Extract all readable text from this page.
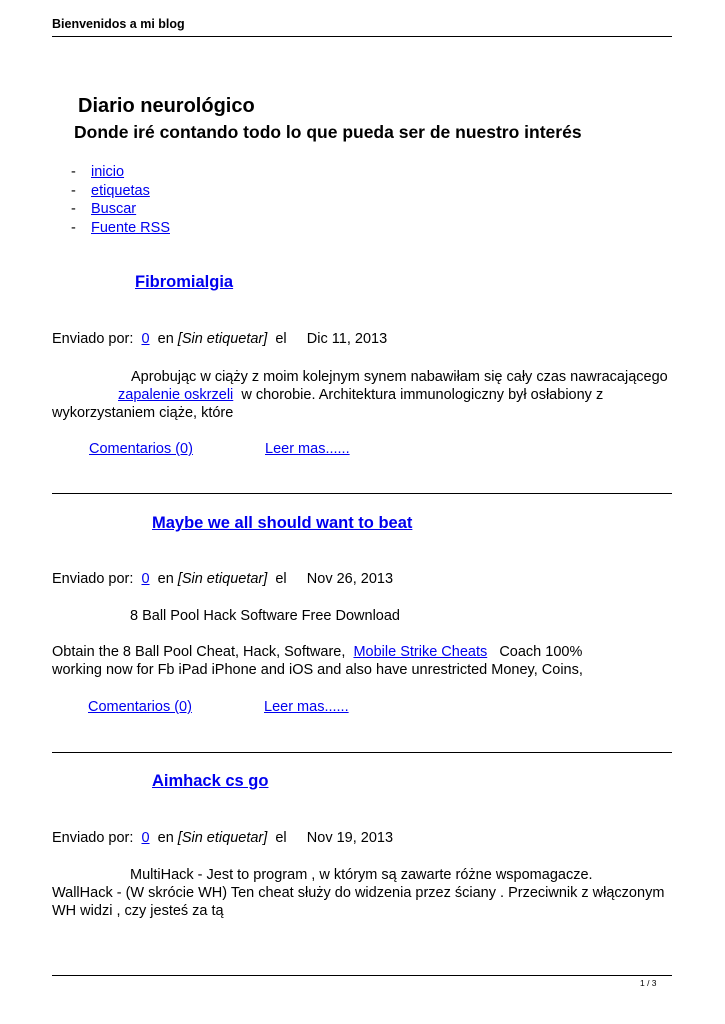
Bienvenidos a mi blog
Diario neurológico
Donde iré contando todo lo que pueda ser de nuestro interés
- inicio
- etiquetas
- Buscar
- Fuente RSS
Fibromialgia
Enviado por: 0 en [Sin etiquetar] el Dic 11, 2013
Aprobując w ciąży z moim kolejnym synem nabawiłam się cały czas nawracającego
zapalenie oskrzeli w chorobie. Architektura immunologiczny był osłabiony z
wykorzystaniem ciąże, które
Comentarios (0)	Leer mas......
Maybe we all should want to beat
Enviado por: 0 en [Sin etiquetar] el Nov 26, 2013
8 Ball Pool Hack Software Free Download
Obtain the 8 Ball Pool Cheat, Hack, Software, Mobile Strike Cheats Coach 100%
working now for Fb iPad iPhone and iOS and also have unrestricted Money, Coins,
Comentarios (0)	Leer mas......
Aimhack cs go
Enviado por: 0 en [Sin etiquetar] el Nov 19, 2013
MultiHack - Jest to program , w którym są zawarte różne wspomagacze.
WallHack - (W skrócie WH) Ten cheat służy do widzenia przez ściany . Przeciwnik z włączonym
WH widzi , czy jesteś za tą
1 / 3
